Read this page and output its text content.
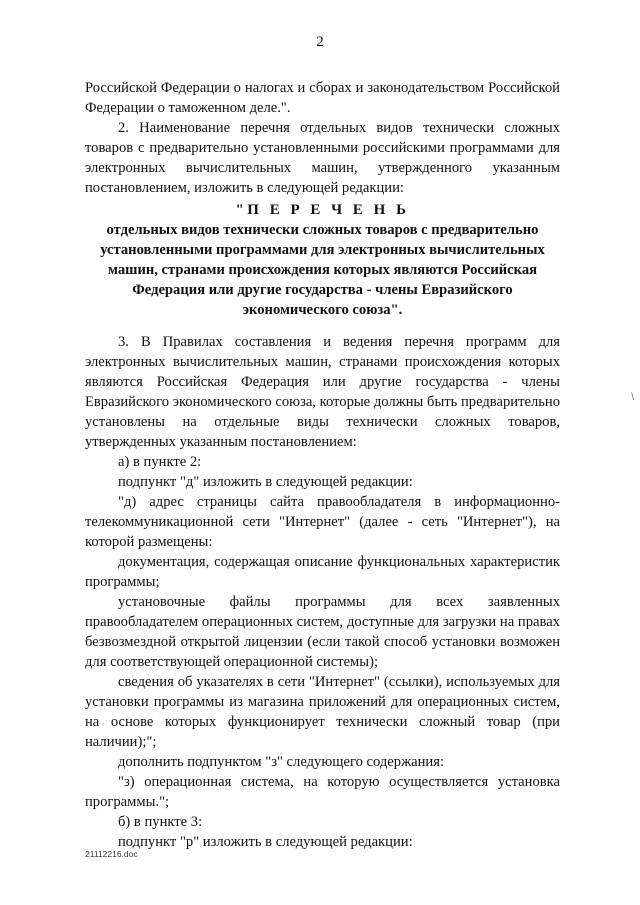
2

Российской Федерации о налогах и сборах и законодательством Российской Федерации о таможенном деле.".

2. Наименование перечня отдельных видов технически сложных товаров с предварительно установленными российскими программами для электронных вычислительных машин, утвержденного указанным постановлением, изложить в следующей редакции:

"П Е Р Е Ч Е Н Ь
отдельных видов технически сложных товаров с предварительно установленными программами для электронных вычислительных машин, странами происхождения которых являются Российская Федерация или другие государства - члены Евразийского экономического союза".

3. В Правилах составления и ведения перечня программ для электронных вычислительных машин, странами происхождения которых являются Российская Федерация или другие государства - члены Евразийского экономического союза, которые должны быть предварительно установлены на отдельные виды технически сложных товаров, утвержденных указанным постановлением:

а) в пункте 2:

подпункт "д" изложить в следующей редакции:

"д) адрес страницы сайта правообладателя в информационно-телекоммуникационной сети "Интернет" (далее - сеть "Интернет"), на которой размещены:

документация, содержащая описание функциональных характеристик программы;

установочные файлы программы для всех заявленных правообладателем операционных систем, доступные для загрузки на правах безвозмездной открытой лицензии (если такой способ установки возможен для соответствующей операционной системы);

сведения об указателях в сети "Интернет" (ссылки), используемых для установки программы из магазина приложений для операционных систем, на основе которых функционирует технически сложный товар (при наличии);";

дополнить подпунктом "з" следующего содержания:

"з) операционная система, на которую осуществляется установка программы.";

б) в пункте 3:

подпункт "р" изложить в следующей редакции:

\
21112216.doc
